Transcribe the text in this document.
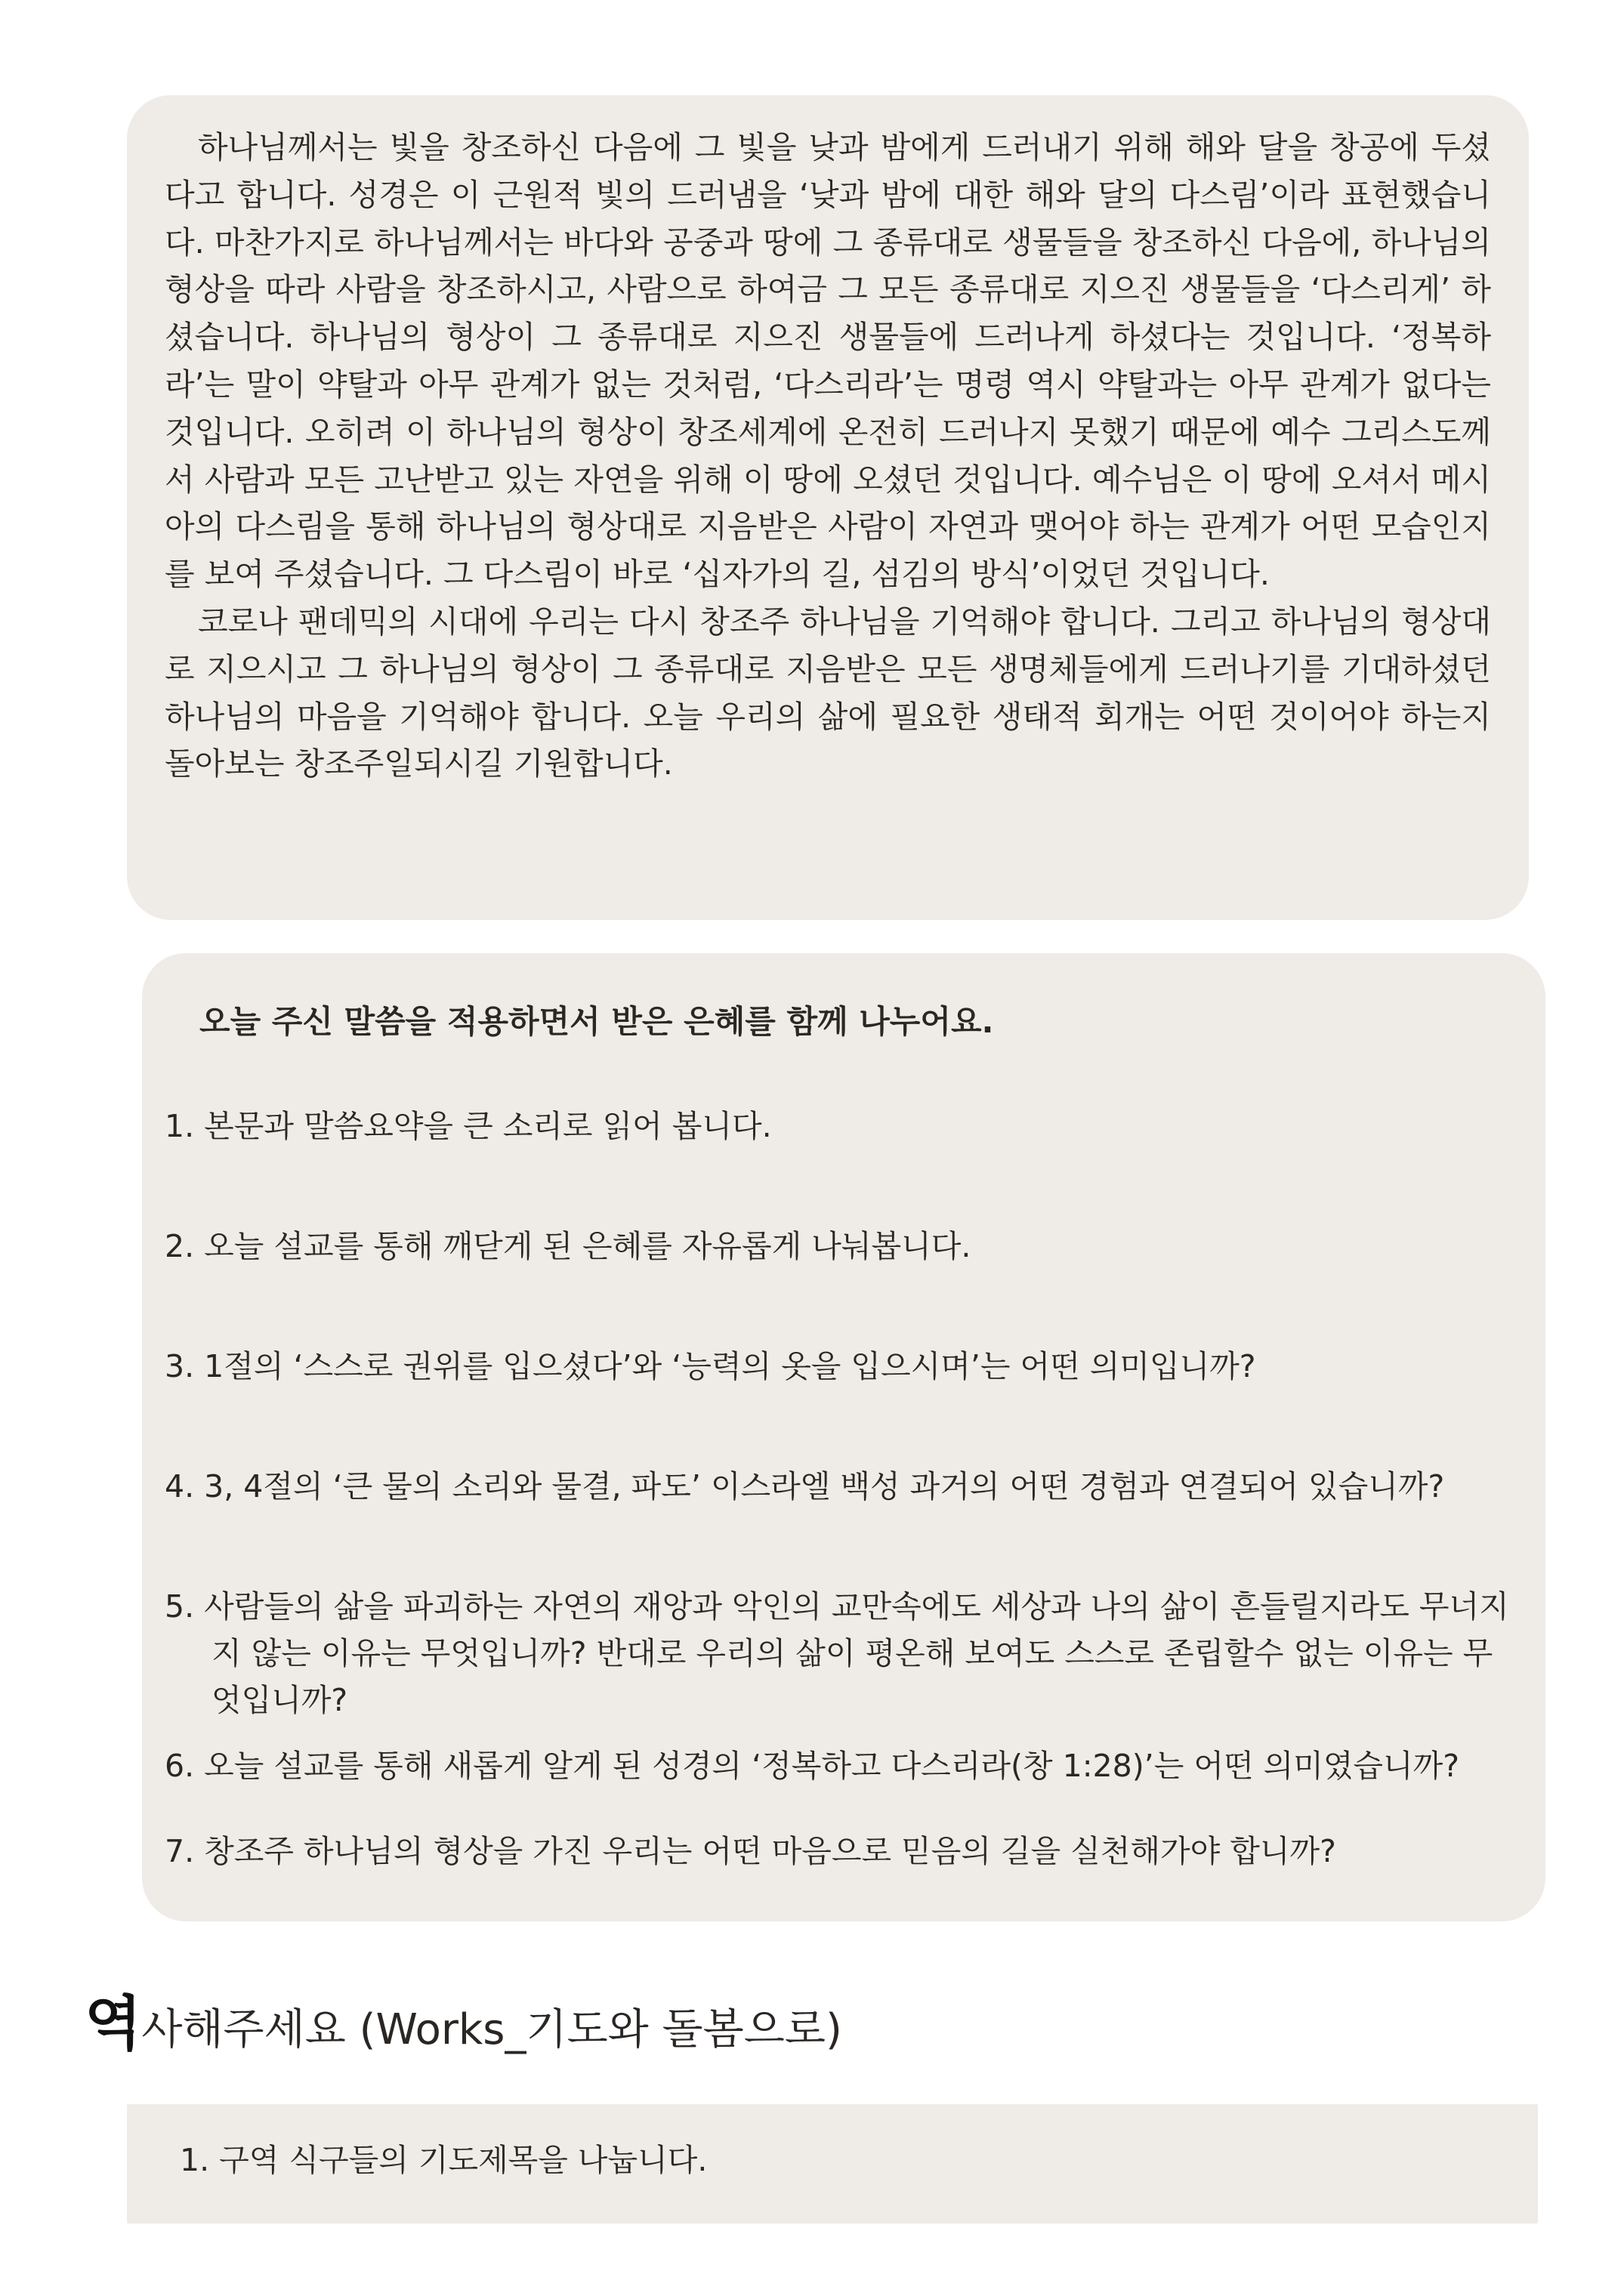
하나님께서는 빛을 창조하신 다음에 그 빛을 낮과 밤에게 드러내기 위해 해와 달을 창공에 두셨다고 합니다. 성경은 이 근원적 빛의 드러냄을 ‘낮과 밤에 대한 해와 달의 다스림’이라 표현했습니다. 마찬가지로 하나님께서는 바다와 공중과 땅에 그 종류대로 생물들을 창조하신 다음에, 하나님의 형상을 따라 사람을 창조하시고, 사람으로 하여금 그 모든 종류대로 지으진 생물들을 ‘다스리게’ 하셨습니다. 하나님의 형상이 그 종류대로 지으진 생물들에 드러나게 하셨다는 것입니다. ‘정복하라’는 말이 약탈과 아무 관계가 없는 것처럼, ‘다스리라’는 명령 역시 약탈과는 아무 관계가 없다는 것입니다. 오히려 이 하나님의 형상이 창조세계에 온전히 드러나지 못했기 때문에 예수 그리스도께서 사람과 모든 고난받고 있는 자연을 위해 이 땅에 오셨던 것입니다. 예수님은 이 땅에 오셔서 메시아의 다스림을 통해 하나님의 형상대로 지음받은 사람이 자연과 맺어야 하는 관계가 어떤 모습인지를 보여 주셨습니다. 그 다스림이 바로 ‘십자가의 길, 섬김의 방식’이었던 것입니다.

코로나 팬데믹의 시대에 우리는 다시 창조주 하나님을 기억해야 합니다. 그리고 하나님의 형상대로 지으시고 그 하나님의 형상이 그 종류대로 지음받은 모든 생명체들에게 드러나기를 기대하셨던 하나님의 마음을 기억해야 합니다. 오늘 우리의 삶에 필요한 생태적 회개는 어떤 것이어야 하는지 돌아보는 창조주일되시길 기원합니다.

오늘 주신 말씀을 적용하면서 받은 은혜를 함께 나누어요.

1. 본문과 말씀요약을 큰 소리로 읽어 봅니다.

2. 오늘 설교를 통해 깨닫게 된 은혜를 자유롭게 나눠봅니다.

3. 1절의 ‘스스로 권위를 입으셨다’와 ‘능력의 옷을 입으시며’는 어떤 의미입니까?

4. 3, 4절의 ‘큰 물의 소리와 물결, 파도’ 이스라엘 백성 과거의 어떤 경험과 연결되어 있습니까?

5. 사람들의 삶을 파괴하는 자연의 재앙과 악인의 교만속에도 세상과 나의 삶이 흔들릴지라도 무너지지 않는 이유는 무엇입니까? 반대로 우리의 삶이 평온해 보여도 스스로 존립할수 없는 이유는 무엇입니까?

6. 오늘 설교를 통해 새롭게 알게 된 성경의 ‘정복하고 다스리라(창 1:28)’는 어떤 의미였습니까?

7. 창조주 하나님의 형상을 가진 우리는 어떤 마음으로 믿음의 길을 실천해가야 합니까?

역사해주세요 (Works_기도와 돌봄으로)

1. 구역 식구들의 기도제목을 나눕니다.
